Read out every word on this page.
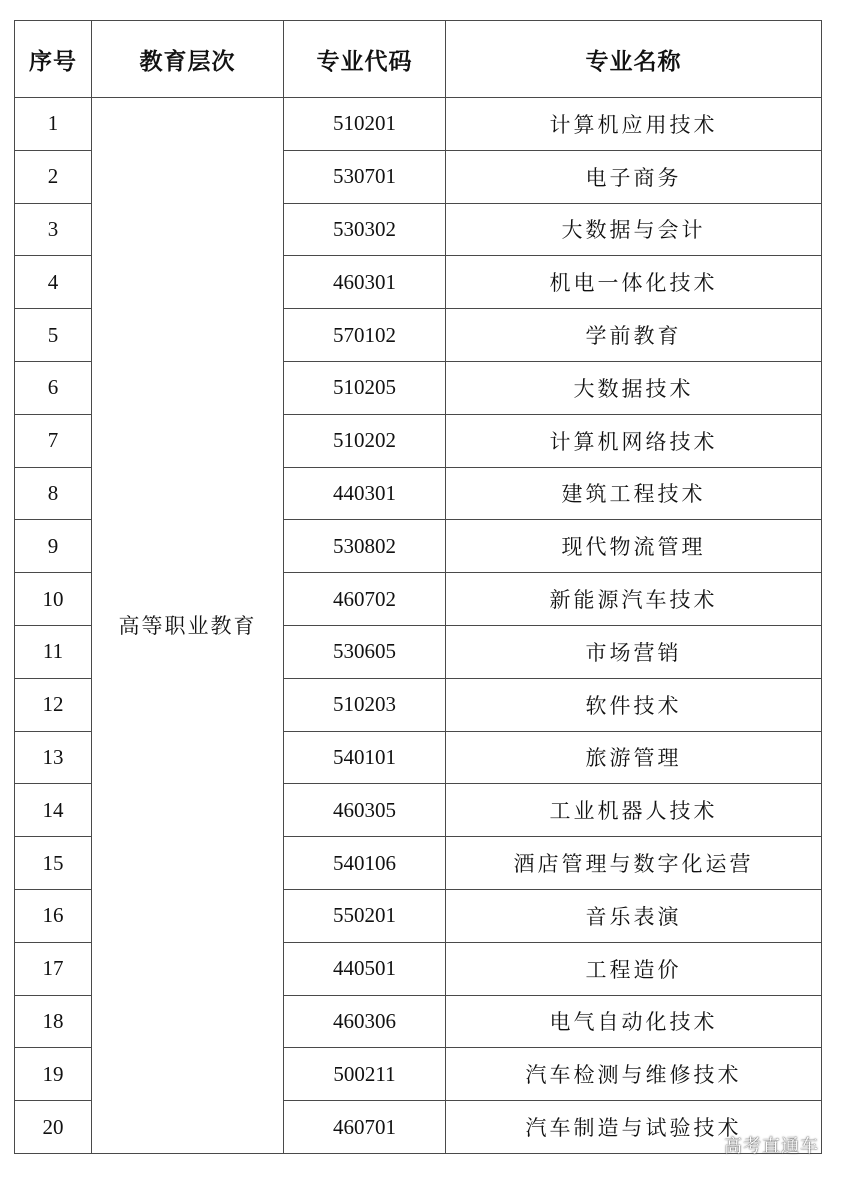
序号	教育层次	专业代码	专业名称
1	高等职业教育	510201	计算机应用技术
2		530701	电子商务
3		530302	大数据与会计
4		460301	机电一体化技术
5		570102	学前教育
6		510205	大数据技术
7		510202	计算机网络技术
8		440301	建筑工程技术
9		530802	现代物流管理
10		460702	新能源汽车技术
11		530605	市场营销
12		510203	软件技术
13		540101	旅游管理
14		460305	工业机器人技术
15		540106	酒店管理与数字化运营
16		550201	音乐表演
17		440501	工程造价
18		460306	电气自动化技术
19		500211	汽车检测与维修技术
20		460701	汽车制造与试验技术
高考直通车
